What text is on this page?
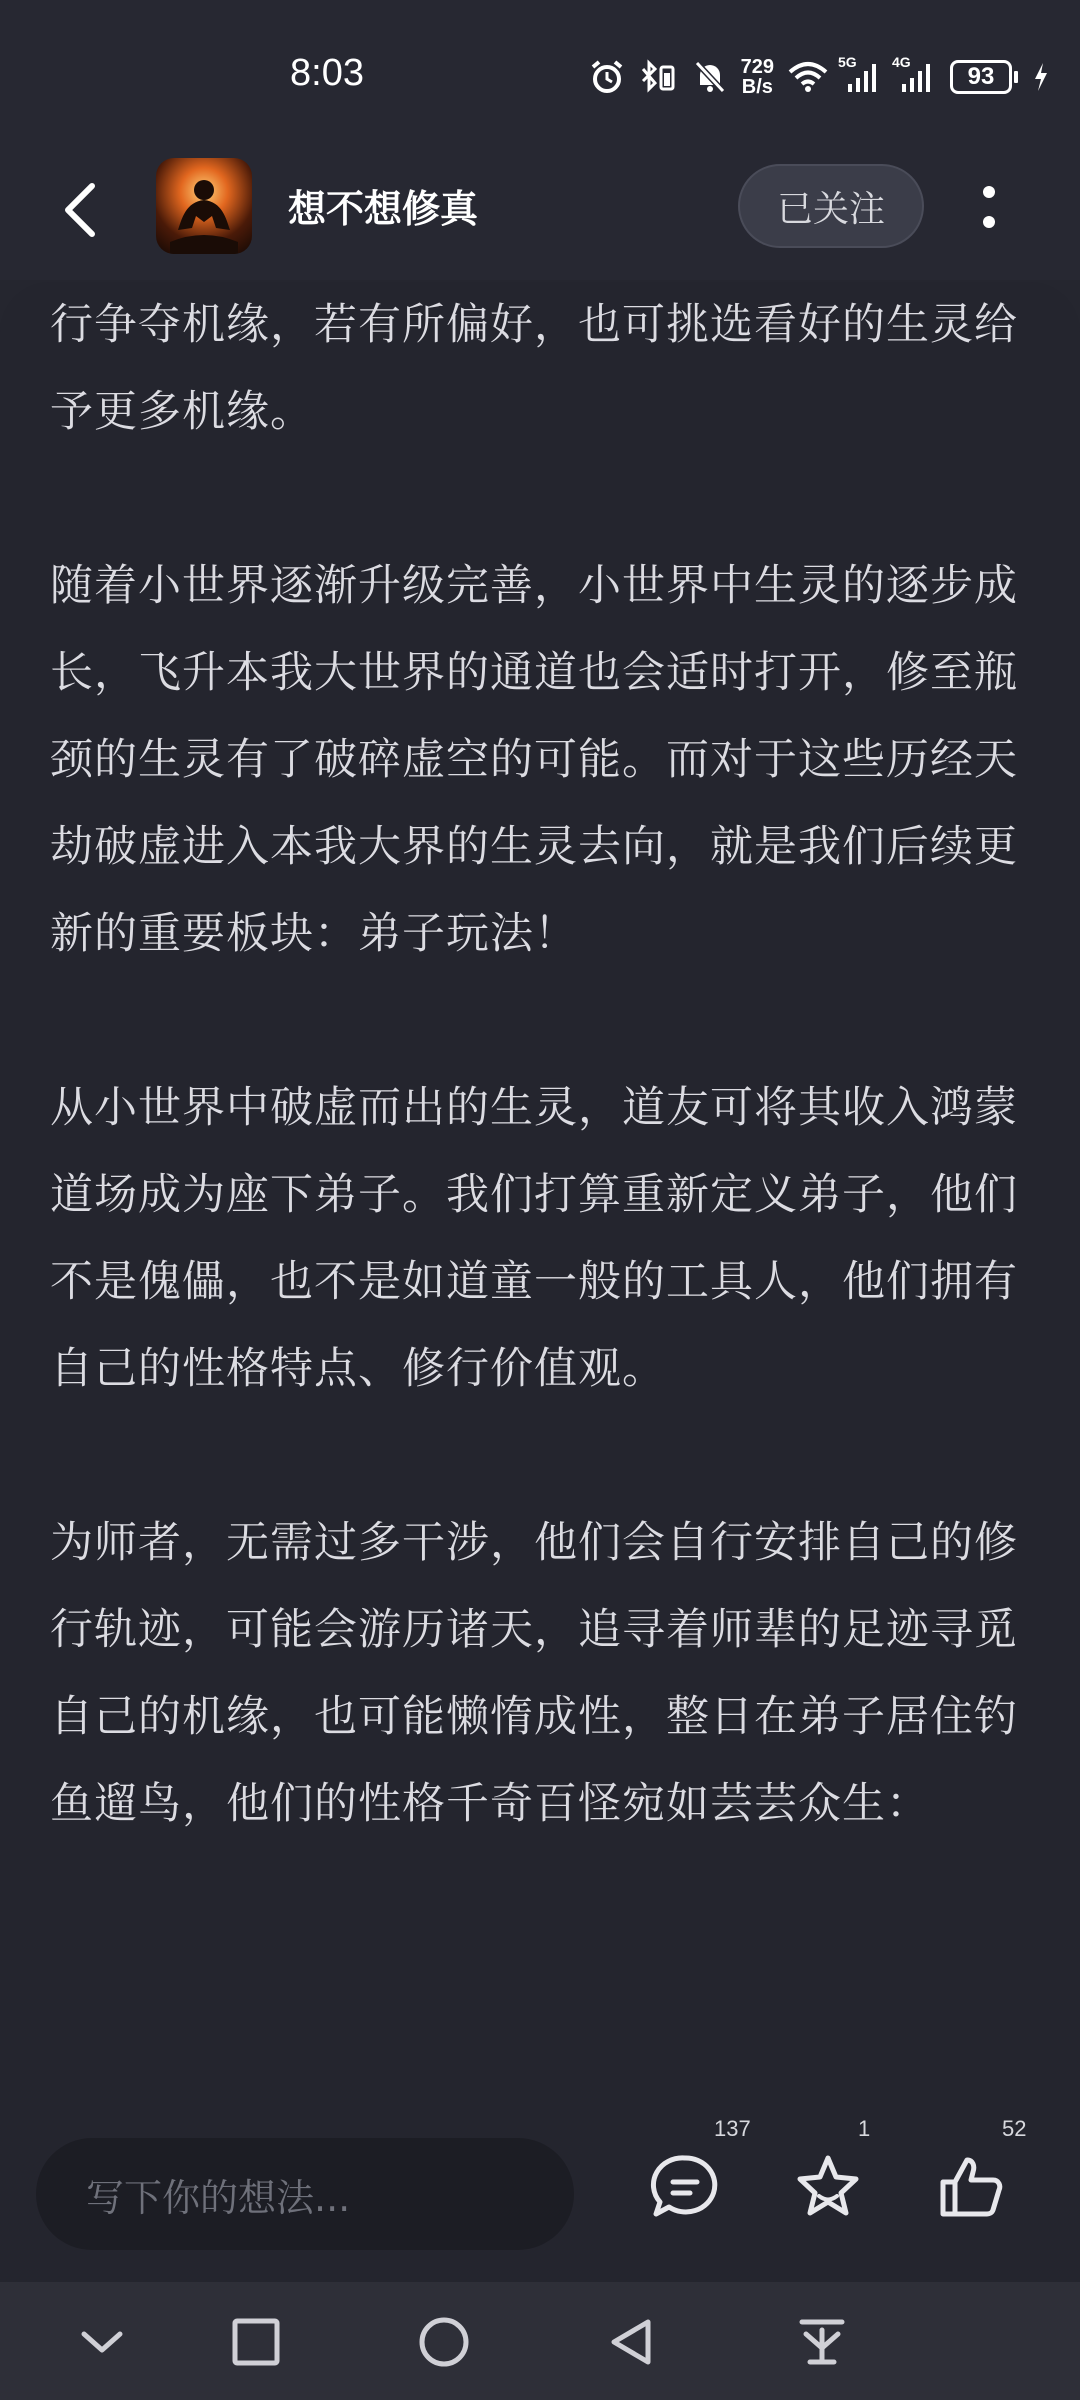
8:03	729
B/s
5G	4G
93
想不想修真	已关注

行争夺机缘，若有所偏好，也可挑选看好的生灵给予更多机缘。

随着小世界逐渐升级完善，小世界中生灵的逐步成长，飞升本我大世界的通道也会适时打开，修至瓶颈的生灵有了破碎虚空的可能。而对于这些历经天劫破虚进入本我大界的生灵去向，就是我们后续更新的重要板块：弟子玩法！

从小世界中破虚而出的生灵，道友可将其收入鸿蒙道场成为座下弟子。我们打算重新定义弟子，他们不是傀儡，也不是如道童一般的工具人，他们拥有自己的性格特点、修行价值观。

为师者，无需过多干涉，他们会自行安排自己的修行轨迹，可能会游历诸天，追寻着师辈的足迹寻觅自己的机缘，也可能懒惰成性，整日在弟子居住钓鱼遛鸟，他们的性格千奇百怪宛如芸芸众生：

写下你的想法...
137	1	52
